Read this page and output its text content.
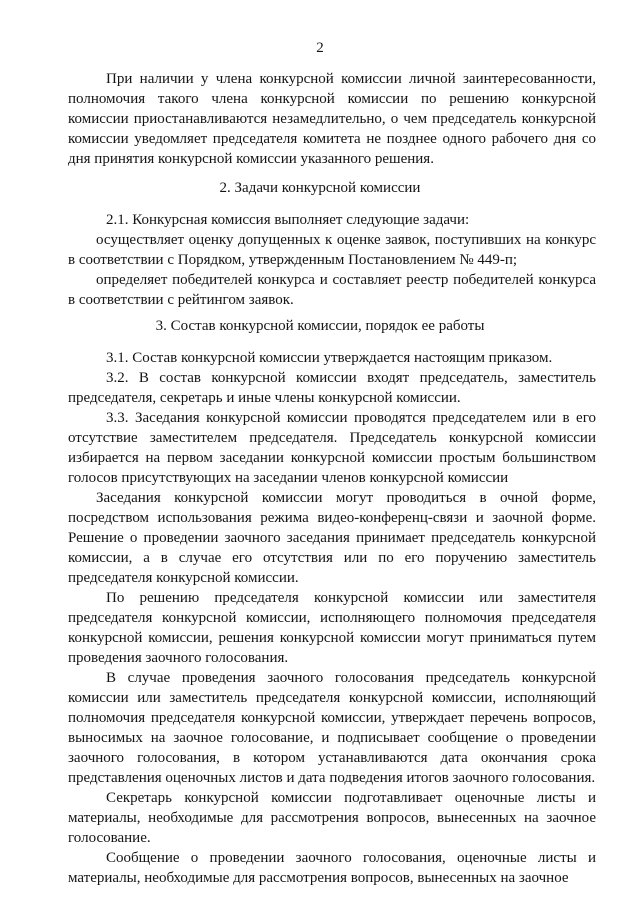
2

При наличии у члена конкурсной комиссии личной заинтересованности, полномочия такого члена конкурсной комиссии по решению конкурсной комиссии приостанавливаются незамедлительно, о чем председатель конкурсной комиссии уведомляет председателя комитета не позднее одного рабочего дня со дня принятия конкурсной комиссии указанного решения.

2. Задачи конкурсной комиссии

2.1. Конкурсная комиссия выполняет следующие задачи:

осуществляет оценку допущенных к оценке заявок, поступивших на конкурс в соответствии с Порядком, утвержденным Постановлением № 449-п;

определяет победителей конкурса и составляет реестр победителей конкурса в соответствии с рейтингом заявок.

3. Состав конкурсной комиссии, порядок ее работы

3.1. Состав конкурсной комиссии утверждается настоящим приказом.

3.2. В состав конкурсной комиссии входят председатель, заместитель председателя, секретарь и иные члены конкурсной комиссии.

3.3. Заседания конкурсной комиссии проводятся председателем или в его отсутствие заместителем председателя. Председатель конкурсной комиссии избирается на первом заседании конкурсной комиссии простым большинством голосов присутствующих на заседании членов конкурсной комиссии

Заседания конкурсной комиссии могут проводиться в очной форме, посредством использования режима видео-конференц-связи и заочной форме. Решение о проведении заочного заседания принимает председатель конкурсной комиссии, а в случае его отсутствия или по его поручению заместитель председателя конкурсной комиссии.

По решению председателя конкурсной комиссии или заместителя председателя конкурсной комиссии, исполняющего полномочия председателя конкурсной комиссии, решения конкурсной комиссии могут приниматься путем проведения заочного голосования.

В случае проведения заочного голосования председатель конкурсной комиссии или заместитель председателя конкурсной комиссии, исполняющий полномочия председателя конкурсной комиссии, утверждает перечень вопросов, выносимых на заочное голосование, и подписывает сообщение о проведении заочного голосования, в котором устанавливаются дата окончания срока представления оценочных листов и дата подведения итогов заочного голосования.

Секретарь конкурсной комиссии подготавливает оценочные листы и материалы, необходимые для рассмотрения вопросов, вынесенных на заочное голосование.

Сообщение о проведении заочного голосования, оценочные листы и материалы, необходимые для рассмотрения вопросов, вынесенных на заочное
